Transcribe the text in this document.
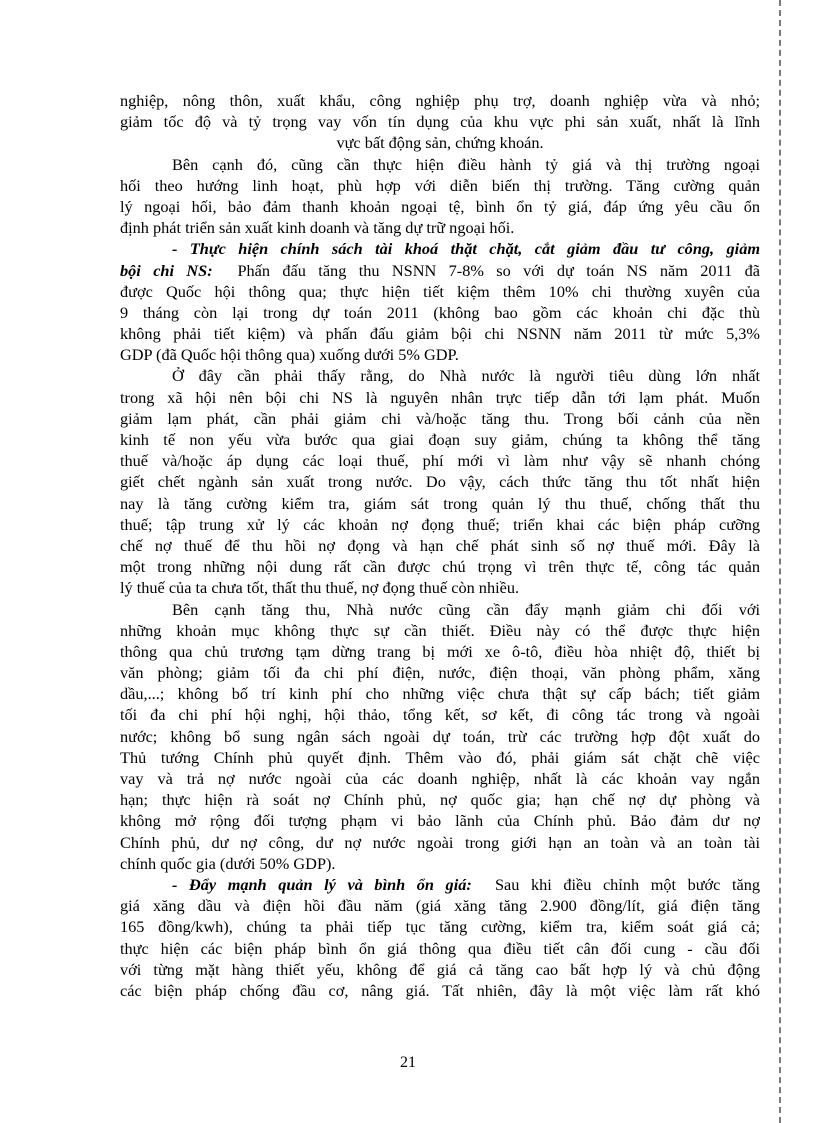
nghiệp, nông thôn, xuất khẩu, công nghiệp phụ trợ, doanh nghiệp vừa và nhỏ;
giảm tốc độ và tỷ trọng vay vốn tín dụng của khu vực phi sản xuất, nhất là lĩnh
vực bất động sản, chứng khoán.
Bên cạnh đó, cũng cần thực hiện điều hành tỷ giá và thị trường ngoại
hối theo hướng linh hoạt, phù hợp với diễn biến thị trường. Tăng cường quản
lý ngoại hối, bảo đảm thanh khoản ngoại tệ, bình ổn tỷ giá, đáp ứng yêu cầu ổn
định phát triển sản xuất kinh doanh và tăng dự trữ ngoại hối.
- Thực hiện chính sách tài khoá thặt chặt, cắt giảm đầu tư công, giảm
bội chi NS: Phấn đấu tăng thu NSNN 7-8% so với dự toán NS năm 2011 đã
được Quốc hội thông qua; thực hiện tiết kiệm thêm 10% chi thường xuyên của
9 tháng còn lại trong dự toán 2011 (không bao gồm các khoản chi đặc thù
không phải tiết kiệm) và phấn đấu giảm bội chi NSNN năm 2011 từ mức 5,3%
GDP (đã Quốc hội thông qua) xuống dưới 5% GDP.
Ở đây cần phải thấy rằng, do Nhà nước là người tiêu dùng lớn nhất
trong xã hội nên bội chi NS là nguyên nhân trực tiếp dẫn tới lạm phát. Muốn
giảm lạm phát, cần phải giảm chi và/hoặc tăng thu. Trong bối cảnh của nền
kinh tế non yếu vừa bước qua giai đoạn suy giảm, chúng ta không thể tăng
thuế và/hoặc áp dụng các loại thuế, phí mới vì làm như vậy sẽ nhanh chóng
giết chết ngành sản xuất trong nước. Do vậy, cách thức tăng thu tốt nhất hiện
nay là tăng cường kiểm tra, giám sát trong quản lý thu thuế, chống thất thu
thuế; tập trung xử lý các khoản nợ đọng thuế; triển khai các biện pháp cưỡng
chế nợ thuế để thu hồi nợ đọng và hạn chế phát sinh số nợ thuế mới. Đây là
một trong những nội dung rất cần được chú trọng vì trên thực tế, công tác quản
lý thuế của ta chưa tốt, thất thu thuế, nợ đọng thuế còn nhiều.
Bên cạnh tăng thu, Nhà nước cũng cần đẩy mạnh giảm chi đối với
những khoản mục không thực sự cần thiết. Điều này có thể được thực hiện
thông qua chủ trương tạm dừng trang bị mới xe ô-tô, điều hòa nhiệt độ, thiết bị
văn phòng; giảm tối đa chi phí điện, nước, điện thoại, văn phòng phẩm, xăng
dầu,...; không bố trí kinh phí cho những việc chưa thật sự cấp bách; tiết giảm
tối đa chi phí hội nghị, hội thảo, tổng kết, sơ kết, đi công tác trong và ngoài
nước; không bổ sung ngân sách ngoài dự toán, trừ các trường hợp đột xuất do
Thủ tướng Chính phủ quyết định. Thêm vào đó, phải giám sát chặt chẽ việc
vay và trả nợ nước ngoài của các doanh nghiệp, nhất là các khoản vay ngắn
hạn; thực hiện rà soát nợ Chính phủ, nợ quốc gia; hạn chế nợ dự phòng và
không mở rộng đối tượng phạm vi bảo lãnh của Chính phủ. Bảo đảm dư nợ
Chính phủ, dư nợ công, dư nợ nước ngoài trong giới hạn an toàn và an toàn tài
chính quốc gia (dưới 50% GDP).
- Đẩy mạnh quản lý và bình ổn giá: Sau khi điều chỉnh một bước tăng
giá xăng dầu và điện hồi đầu năm (giá xăng tăng 2.900 đồng/lít, giá điện tăng
165 đồng/kwh), chúng ta phải tiếp tục tăng cường, kiểm tra, kiểm soát giá cả;
thực hiện các biện pháp bình ổn giá thông qua điều tiết cân đối cung - cầu đối
với từng mặt hàng thiết yếu, không để giá cả tăng cao bất hợp lý và chủ động
các biện pháp chống đầu cơ, nâng giá. Tất nhiên, đây là một việc làm rất khó
21
